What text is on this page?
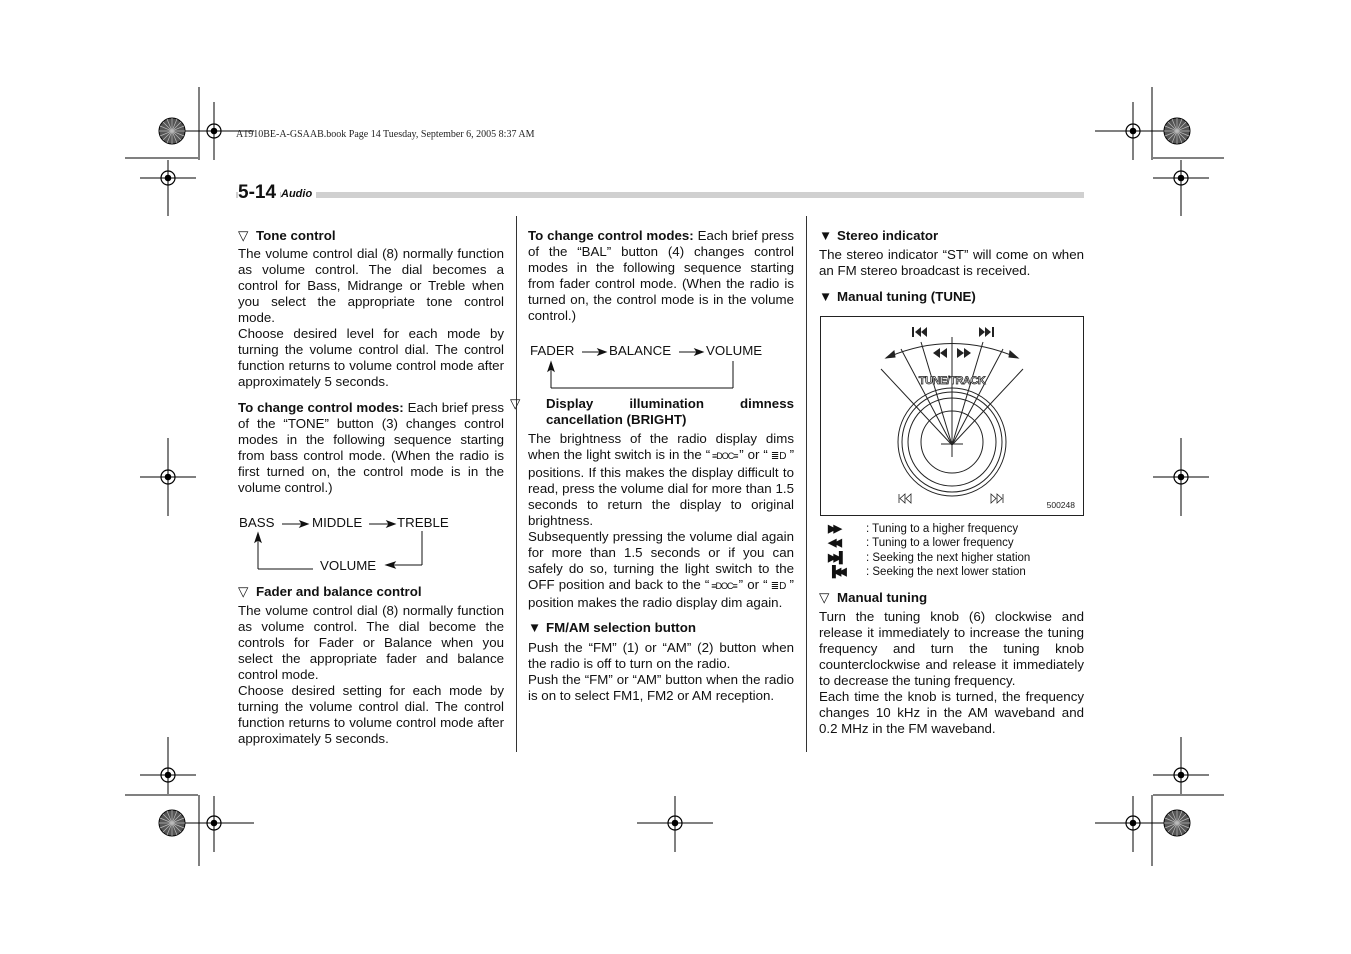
A1910BE-A-GSAAB.book Page 14 Tuesday, September 6, 2005 8:37 AM
5-14 Audio

▽ Tone control

The volume control dial (8) normally function as volume control. The dial becomes a control for Bass, Midrange or Treble when you select the appropriate tone control mode.

Choose desired level for each mode by turning the volume control dial. The control function returns to volume control mode after approximately 5 seconds.

To change control modes: Each brief press of the “TONE” button (3) changes control modes in the following sequence starting from bass control mode. (When the radio is first turned on, the control mode is in the volume control.)

BASS	MIDDLE	TREBLE
VOLUME

▽ Fader and balance control

The volume control dial (8) normally function as volume control. The dial become the controls for Fader or Balance when you select the appropriate fader and balance control mode.

Choose desired setting for each mode by turning the volume control dial. The control function returns to volume control mode after approximately 5 seconds.

To change control modes: Each brief press of the “BAL” button (4) changes control modes in the following sequence starting from fader control mode. (When the radio is turned on, the control mode is in the volume control.)

FADER	BALANCE	VOLUME

▽ Display illumination dimness cancellation (BRIGHT)

The brightness of the radio display dims when the light switch is in the “ ≡DOC≡ ” or “ ≣D ” positions. If this makes the display difficult to read, press the volume dial for more than 1.5 seconds to return the display to original brightness.

Subsequently pressing the volume dial again for more than 1.5 seconds or if you can safely do so, turning the light switch to the OFF position and back to the “ ≡DOC≡ ” or “ ≣D ” position makes the radio display dim again.

▼ FM/AM selection button

Push the “FM” (1) or “AM” (2) button when the radio is off to turn on the radio.

Push the “FM” or “AM” button when the radio is on to select FM1, FM2 or AM reception.

▼ Stereo indicator

The stereo indicator “ST” will come on when an FM stereo broadcast is received.

▼ Manual tuning (TUNE)

TUNE/TRACK
500248
▶▶ : Tuning to a higher frequency
◀◀ : Tuning to a lower frequency
▶▶▌ : Seeking the next higher station
▐◀◀ : Seeking the next lower station

▽ Manual tuning

Turn the tuning knob (6) clockwise and release it immediately to increase the tuning frequency and turn the tuning knob counterclockwise and release it immediately to decrease the tuning frequency.

Each time the knob is turned, the frequency changes 10 kHz in the AM waveband and 0.2 MHz in the FM waveband.
